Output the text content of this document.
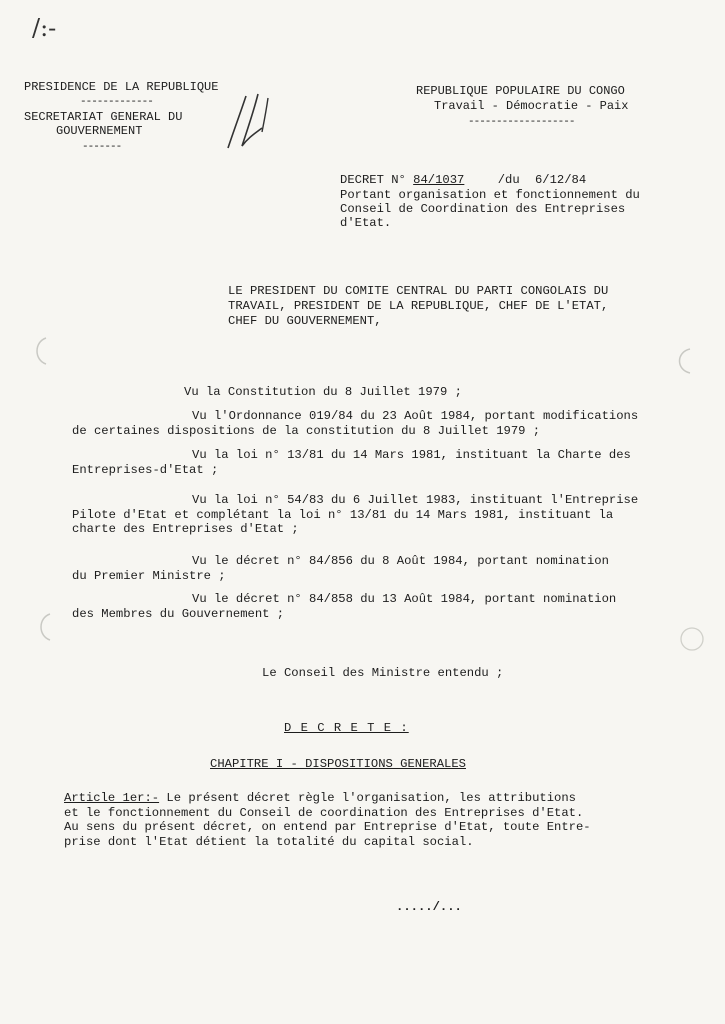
/:-
PRESIDENCE DE LA REPUBLIQUE
-------------
SECRETARIAT GENERAL DU
GOUVERNEMENT
-------
REPUBLIQUE POPULAIRE DU CONGO
Travail - Démocratie - Paix
-------------------
DECRET N° 84/1037	/du 6/12/84
Portant organisation et fonctionnement du
Conseil de Coordination des Entreprises
d'Etat.
LE PRESIDENT DU COMITE CENTRAL DU PARTI CONGOLAIS DU
TRAVAIL, PRESIDENT DE LA REPUBLIQUE, CHEF DE L'ETAT,
CHEF DU GOUVERNEMENT,

Vu la Constitution du 8 Juillet 1979 ;

Vu l'Ordonnance 019/84 du 23 Août 1984, portant modifications

de certaines dispositions de la constitution du 8 Juillet 1979 ;

Vu la loi n° 13/81 du 14 Mars 1981, instituant la Charte des

Entreprises-d'Etat ;

Vu la loi n° 54/83 du 6 Juillet 1983, instituant l'Entreprise

Pilote d'Etat et complétant la loi n° 13/81 du 14 Mars 1981, instituant la

charte des Entreprises d'Etat ;

Vu le décret n° 84/856 du 8 Août 1984, portant nomination

du Premier Ministre ;

Vu le décret n° 84/858 du 13 Août 1984, portant nomination

des Membres du Gouvernement ;

Le Conseil des Ministre entendu ;
D E C R E T E :
CHAPITRE I - DISPOSITIONS GENERALES

Article 1er:- Le présent décret règle l'organisation, les attributions

et le fonctionnement du Conseil de coordination des Entreprises d'Etat.

Au sens du présent décret, on entend par Entreprise d'Etat, toute Entre-

prise dont l'Etat détient la totalité du capital social.

...../...
